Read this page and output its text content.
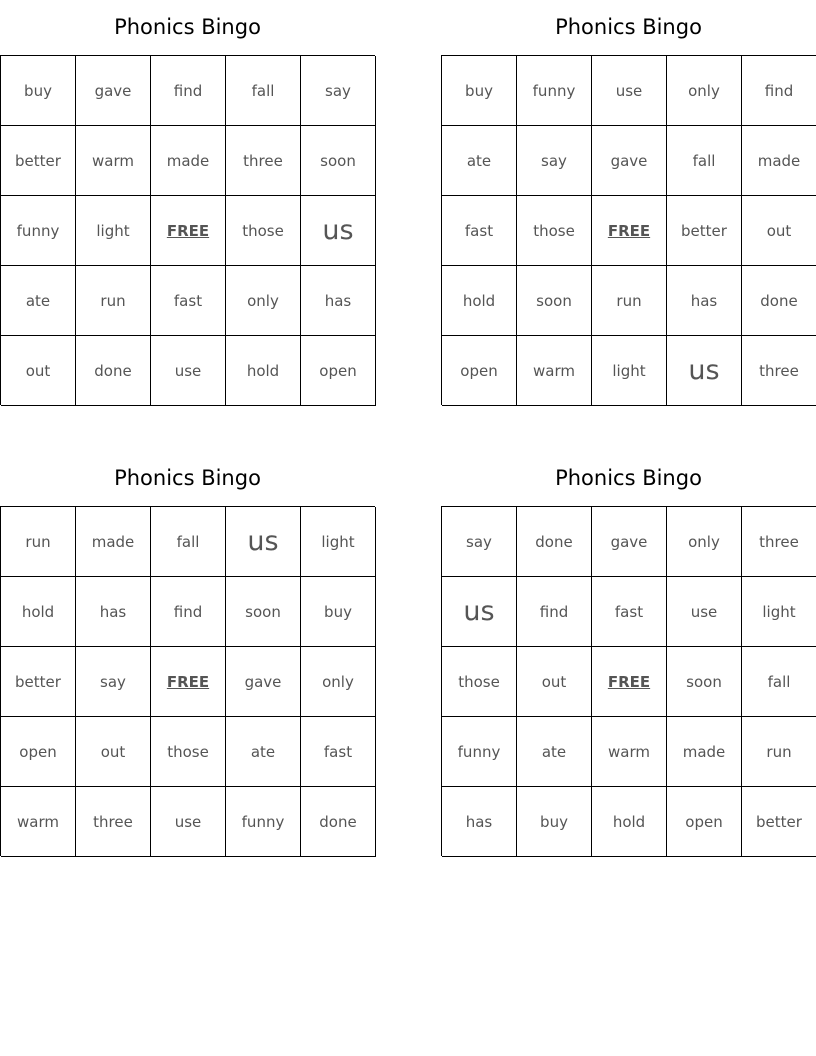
Phonics Bingo
buy	gave	find	fall	say
better	warm	made	three	soon
funny	light	FREE	those	us
ate	run	fast	only	has
out	done	use	hold	open
Phonics Bingo
buy	funny	use	only	find
ate	say	gave	fall	made
fast	those	FREE	better	out
hold	soon	run	has	done
open	warm	light	us	three
Phonics Bingo
run	made	fall	us	light
hold	has	find	soon	buy
better	say	FREE	gave	only
open	out	those	ate	fast
warm	three	use	funny	done
Phonics Bingo
say	done	gave	only	three
us	find	fast	use	light
those	out	FREE	soon	fall
funny	ate	warm	made	run
has	buy	hold	open	better
